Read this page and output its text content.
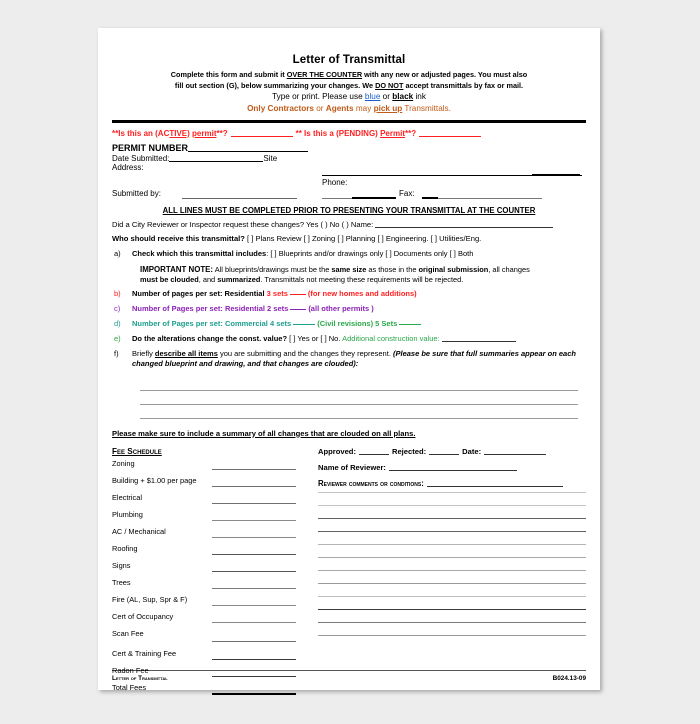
Letter of Transmittal
Complete this form and submit it OVER THE COUNTER with any new or adjusted pages. You must also
fill out section (G), below summarizing your changes. We DO NOT accept transmittals by fax or mail.
Type or print. Please use blue or black ink
Only Contractors or Agents may pick up Transmittals.
**Is this an (ACTIVE) permit**?	** Is this a (PENDING) Permit**?
PERMIT NUMBER
Date Submitted:	Site
Address:
Phone:
Submitted by:	Fax:
ALL LINES MUST BE COMPLETED PRIOR TO PRESENTING YOUR TRANSMITTAL AT THE COUNTER
Did a City Reviewer or Inspector request these changes? Yes ( ) No ( ) Name:
Who should receive this transmittal? [ ] Plans Review [ ] Zoning [ ] Planning [ ] Engineering. [ ] Utilities/Eng.
a) Check which this transmittal includes: [ ] Blueprints and/or drawings only [ ] Documents only [ ] Both
IMPORTANT NOTE: All blueprints/drawings must be the same size as those in the original submission, all changes
must be clouded, and summarized. Transmittals not meeting these requirements will be rejected.
b) Number of pages per set: Residential 3 sets	(for new homes and additions)
c) Number of Pages per set: Residential 2 sets	(all other permits )
d) Number of Pages per set: Commercial 4 sets	(Civil revisions) 5 Sets
e) Do the alterations change the const. value? [ ] Yes or [ ] No. Additional construction value:
f) Briefly describe all items you are submitting and the changes they represent. (Please be sure that full summaries appear on each changed blueprint and drawing, and that changes are clouded):
Please make sure to include a summary of all changes that are clouded on all plans.
Fee Schedule
Zoning
Building + $1.00 per page
Electrical
Plumbing
AC / Mechanical
Roofing
Signs
Trees
Fire (AL, Sup, Spr & F)
Cert of Occupancy
Scan Fee
Cert & Training Fee
Radon Fee
Total Fees
Approved:	Rejected:	Date:
Name of Reviewer:
Reviewer comments or conditions:
Letter of Transmittal	B024.13-09
